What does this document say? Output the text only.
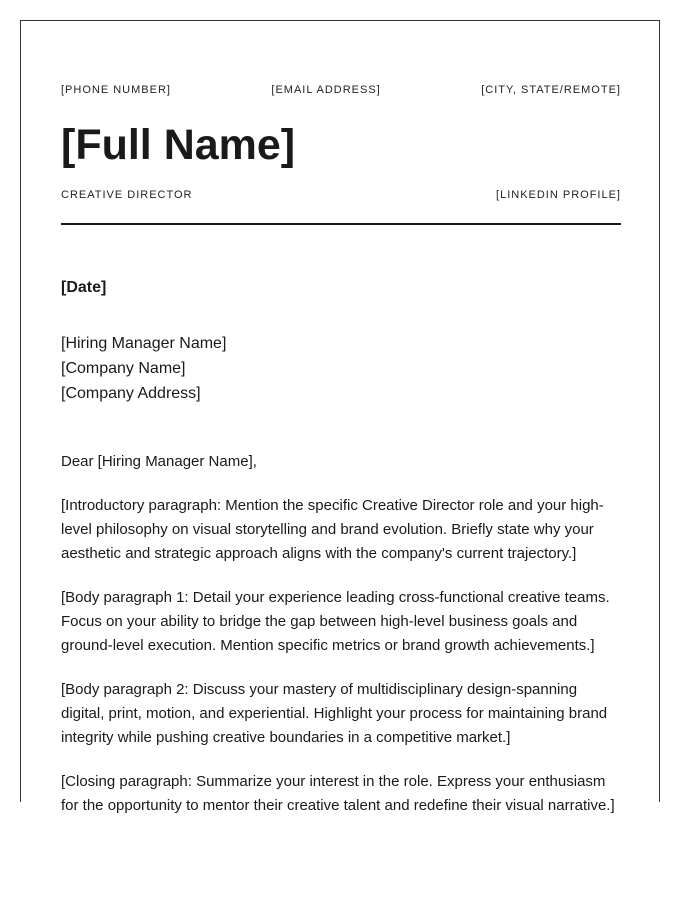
[PHONE NUMBER]	[EMAIL ADDRESS]	[CITY, STATE/REMOTE]
[Full Name]
CREATIVE DIRECTOR	[LINKEDIN PROFILE]
[Date]
[Hiring Manager Name]
[Company Name]
[Company Address]

Dear [Hiring Manager Name],

[Introductory paragraph: Mention the specific Creative Director role and your high-level philosophy on visual storytelling and brand evolution. Briefly state why your aesthetic and strategic approach aligns with the company's current trajectory.]

[Body paragraph 1: Detail your experience leading cross-functional creative teams. Focus on your ability to bridge the gap between high-level business goals and ground-level execution. Mention specific metrics or brand growth achievements.]

[Body paragraph 2: Discuss your mastery of multidisciplinary design-spanning digital, print, motion, and experiential. Highlight your process for maintaining brand integrity while pushing creative boundaries in a competitive market.]

[Closing paragraph: Summarize your interest in the role. Express your enthusiasm for the opportunity to mentor their creative talent and redefine their visual narrative.]
